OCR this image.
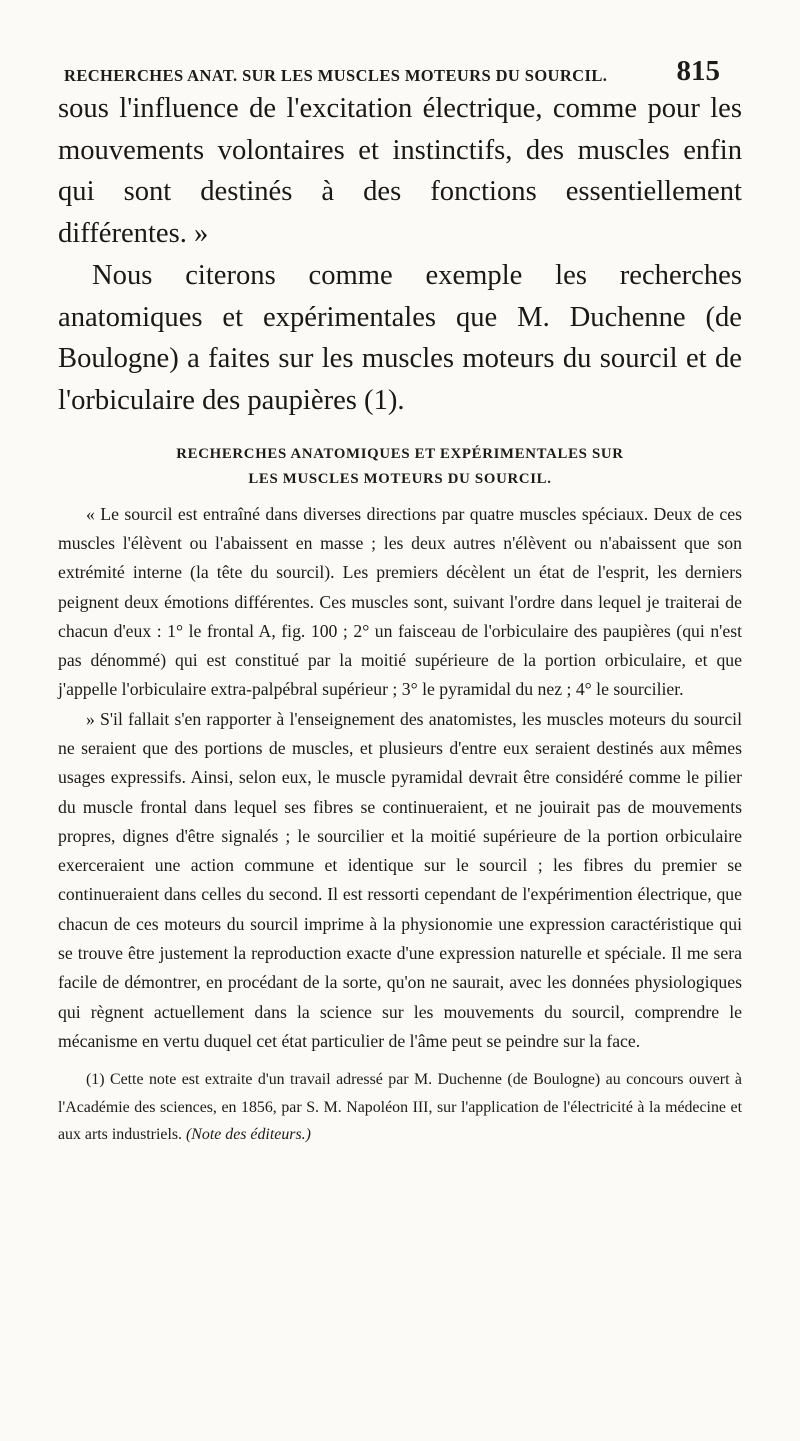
RECHERCHES ANAT. SUR LES MUSCLES MOTEURS DU SOURCIL. 815

sous l'influence de l'excitation électrique, comme pour les mouvements volontaires et instinctifs, des muscles enfin qui sont destinés à des fonctions essentiellement différentes. »

Nous citerons comme exemple les recherches anatomiques et expérimentales que M. Duchenne (de Boulogne) a faites sur les muscles moteurs du sourcil et de l'orbiculaire des paupières (1).

RECHERCHES ANATOMIQUES ET EXPÉRIMENTALES SUR
LES MUSCLES MOTEURS DU SOURCIL.

« Le sourcil est entraîné dans diverses directions par quatre muscles spéciaux. Deux de ces muscles l'élèvent ou l'abaissent en masse ; les deux autres n'élèvent ou n'abaissent que son extrémité interne (la tête du sourcil). Les premiers décèlent un état de l'esprit, les derniers peignent deux émotions différentes. Ces muscles sont, suivant l'ordre dans lequel je traiterai de chacun d'eux : 1° le frontal A, fig. 100 ; 2° un faisceau de l'orbiculaire des paupières (qui n'est pas dénommé) qui est constitué par la moitié supérieure de la portion orbiculaire, et que j'appelle l'orbiculaire extra-palpébral supérieur ; 3° le pyramidal du nez ; 4° le sourcilier.

» S'il fallait s'en rapporter à l'enseignement des anatomistes, les muscles moteurs du sourcil ne seraient que des portions de muscles, et plusieurs d'entre eux seraient destinés aux mêmes usages expressifs. Ainsi, selon eux, le muscle pyramidal devrait être considéré comme le pilier du muscle frontal dans lequel ses fibres se continueraient, et ne jouirait pas de mouvements propres, dignes d'être signalés ; le sourcilier et la moitié supérieure de la portion orbiculaire exerceraient une action commune et identique sur le sourcil ; les fibres du premier se continueraient dans celles du second. Il est ressorti cependant de l'expérimention électrique, que chacun de ces moteurs du sourcil imprime à la physionomie une expression caractéristique qui se trouve être justement la reproduction exacte d'une expression naturelle et spéciale. Il me sera facile de démontrer, en procédant de la sorte, qu'on ne saurait, avec les données physiologiques qui règnent actuellement dans la science sur les mouvements du sourcil, comprendre le mécanisme en vertu duquel cet état particulier de l'âme peut se peindre sur la face.

(1) Cette note est extraite d'un travail adressé par M. Duchenne (de Boulogne) au concours ouvert à l'Académie des sciences, en 1856, par S. M. Napoléon III, sur l'application de l'électricité à la médecine et aux arts industriels. (Note des éditeurs.)
